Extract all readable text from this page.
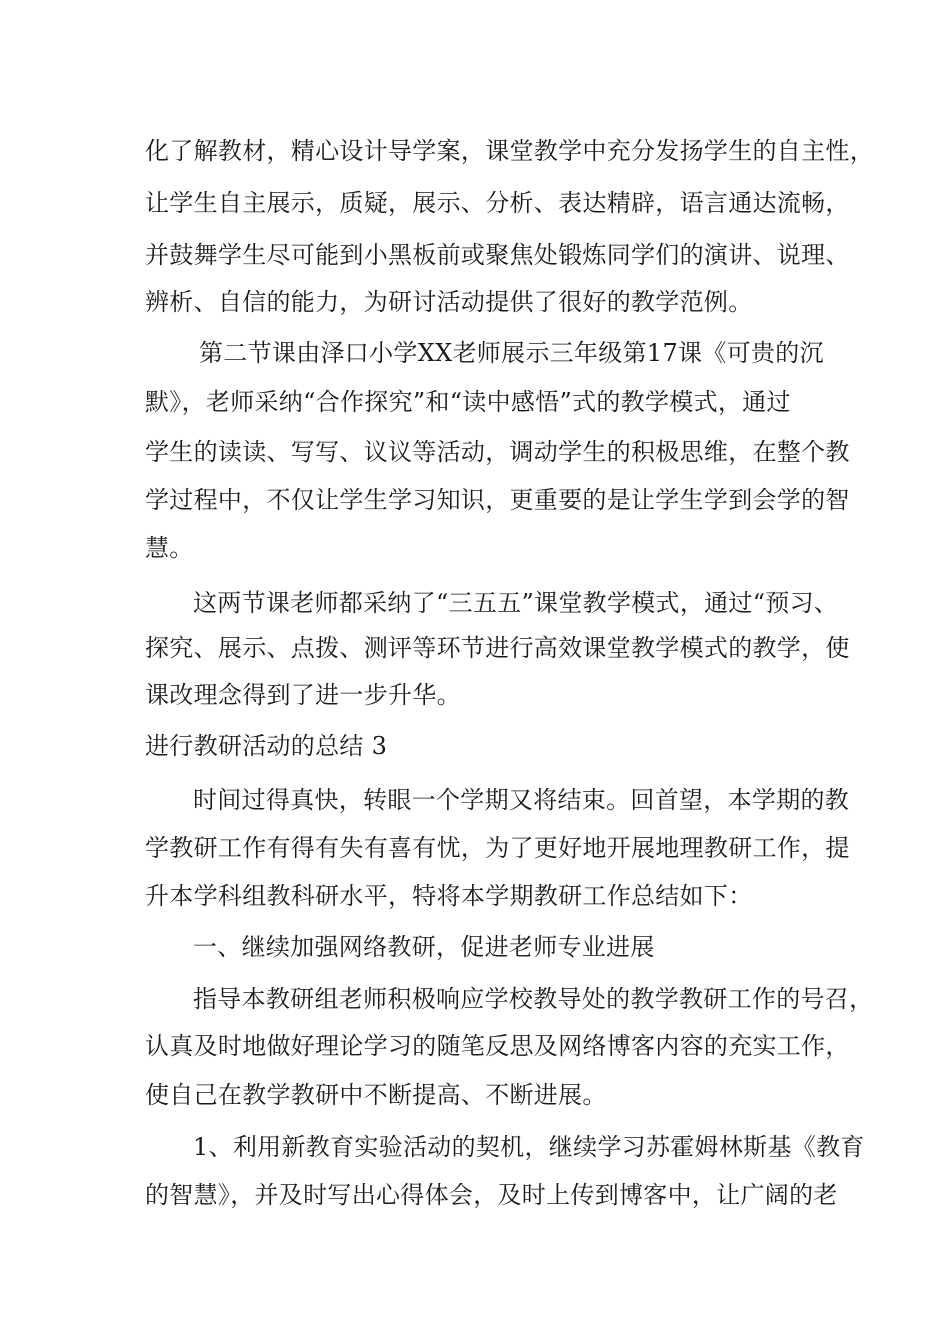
化了解教材，精心设计导学案，课堂教学中充分发扬学生的自主性，
让学生自主展示，质疑，展示、分析、表达精辟，语言通达流畅，
并鼓舞学生尽可能到小黑板前或聚焦处锻炼同学们的演讲、说理、
辨析、自信的能力，为研讨活动提供了很好的教学范例。
第二节课由泽口小学XX老师展示三年级第17课《可贵的沉
默》，老师采纳“合作探究”和“读中感悟”式的教学模式，通过
学生的读读、写写、议议等活动，调动学生的积极思维，在整个教
学过程中，不仅让学生学习知识，更重要的是让学生学到会学的智
慧。
这两节课老师都采纳了“三五五”课堂教学模式，通过“预习、
探究、展示、点拨、测评等环节进行高效课堂教学模式的教学，使
课改理念得到了进一步升华。
进行教研活动的总结 3
时间过得真快，转眼一个学期又将结束。回首望，本学期的教
学教研工作有得有失有喜有忧，为了更好地开展地理教研工作，提
升本学科组教科研水平，特将本学期教研工作总结如下：
一、继续加强网络教研，促进老师专业进展
指导本教研组老师积极响应学校教导处的教学教研工作的号召，
认真及时地做好理论学习的随笔反思及网络博客内容的充实工作，
使自己在教学教研中不断提高、不断进展。
1、利用新教育实验活动的契机，继续学习苏霍姆林斯基《教育
的智慧》，并及时写出心得体会，及时上传到博客中，让广阔的老
